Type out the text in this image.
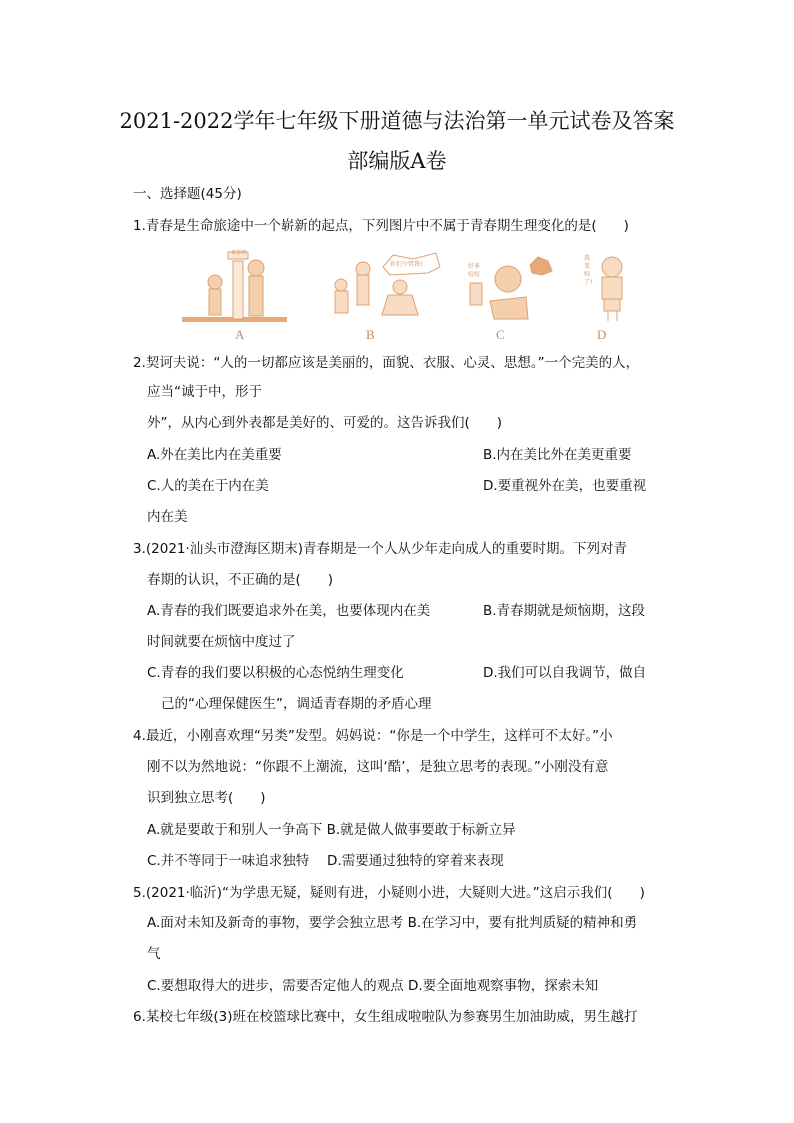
2021-2022学年七年级下册道德与法治第一单元试卷及答案
部编版A卷
一、选择题(45分)
1.青春是生命旅途中一个崭新的起点，下列图片中不属于青春期生理变化的是(　　)
A	B	C	D
青春期
你们少管我!	好多痘痘
我变帅了!
2.契诃夫说：“人的一切都应该是美丽的，面貌、衣服、心灵、思想。”一个完美的人，
应当“诚于中，形于
外”，从内心到外表都是美好的、可爱的。这告诉我们(　　)
A.外在美比内在美重要	B.内在美比外在美更重要
C.人的美在于内在美	D.要重视外在美，也要重视
内在美
3.(2021·汕头市澄海区期末)青春期是一个人从少年走向成人的重要时期。下列对青
春期的认识，不正确的是(　　)
A.青春的我们既要追求外在美，也要体现内在美	B.青春期就是烦恼期，这段
时间就要在烦恼中度过了
C.青春的我们要以积极的心态悦纳生理变化	D.我们可以自我调节，做自
己的“心理保健医生”，调适青春期的矛盾心理
4.最近，小刚喜欢理“另类”发型。妈妈说：“你是一个中学生，这样可不太好。”小
刚不以为然地说：“你跟不上潮流，这叫‘酷’，是独立思考的表现。”小刚没有意
识到独立思考(　　)
A.就是要敢于和别人一争高下 B.就是做人做事要敢于标新立异
C.并不等同于一味追求独特　 D.需要通过独特的穿着来表现
5.(2021·临沂)“为学患无疑，疑则有进，小疑则小进，大疑则大进。”这启示我们(　　)
A.面对未知及新奇的事物，要学会独立思考 B.在学习中，要有批判质疑的精神和勇
气
C.要想取得大的进步，需要否定他人的观点 D.要全面地观察事物，探索未知
6.某校七年级(3)班在校篮球比赛中，女生组成啦啦队为参赛男生加油助威，男生越打
